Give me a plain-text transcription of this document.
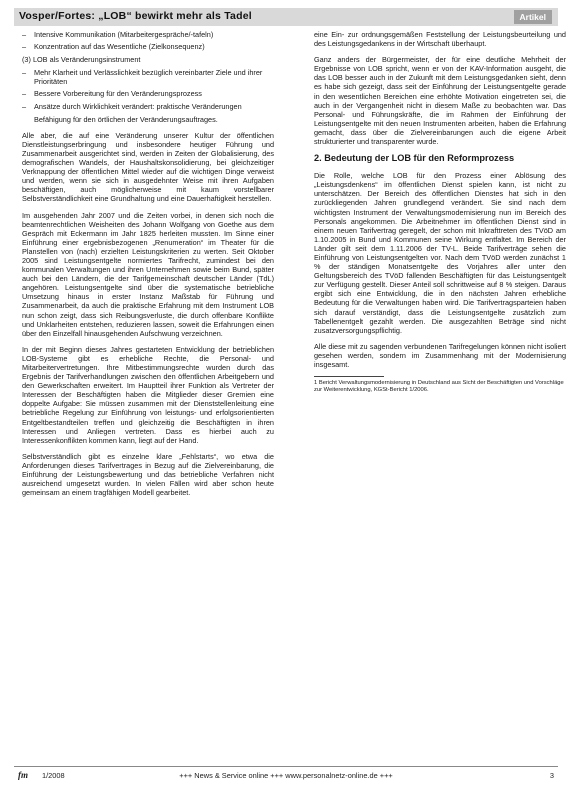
Vosper/Fortes: „LOB“ bewirkt mehr als Tadel	Artikel
– Intensive Kommunikation (Mitarbeitergespräche/-tafeln)
– Konzentration auf das Wesentliche (Zielkonsequenz)
(3) LOB als Veränderungsinstrument
– Mehr Klarheit und Verlässlichkeit bezüglich vereinbarter Ziele und ihrer Prioritäten
– Bessere Vorbereitung für den Veränderungsprozess
– Ansätze durch Wirklichkeit verändert: praktische Veränderungen

Befähigung für den örtlichen der Veränderungsauftrages.

Alle aber, die auf eine Veränderung unserer Kultur der öffentlichen Dienstleistungserbringung und insbesondere heutiger Führung und Zusammenarbeit ausgerichtet sind, werden in Zeiten der Globalisierung, des demografischen Wandels, der Haushaltskonsolidierung, bei gleichzeitiger Verknappung der öffentlichen Mittel wieder auf die wichtigen Dinge verweist und werden, wenn sie sich in ausgedehnter Weise mit ihren Aufgaben beschäftigen, auch möglicherweise mit kaum vorstellbarer Selbstverständlichkeit eine Grundhaltung und eine Dauerhaftigkeit herstellen.

Im ausgehenden Jahr 2007 und die Zeiten vorbei, in denen sich noch die beamtenrechtlichen Weisheiten des Johann Wolfgang von Goethe aus dem Gespräch mit Eckermann im Jahr 1825 herleiten mussten. Im Sinne einer Einführung einer ergebnisbezogenen „Renumeration“ im Theater für die Planstellen von (nach) erzielten Leistungskriterien zu werten. Seit Oktober 2005 sind Leistungsentgelte normiertes Tarifrecht, zumindest bei den kommunalen Verwaltungen und ihren Unternehmen sowie beim Bund, später auch bei den Ländern, die der Tarifgemeinschaft deutscher Länder (TdL) angehören. Leistungsentgelte sind über die systematische betriebliche Umsetzung hinaus in erster Instanz Maßstab für Führung und Zusammenarbeit, da auch die praktische Erfahrung mit dem Instrument LOB nun schon zeigt, dass sich Reibungsverluste, die durch offenbare Konflikte und Unklarheiten entstehen, reduzieren lassen, soweit die Erfahrungen einen über den Einzelfall hinausgehenden Aufschwung verzeichnen.

In der mit Beginn dieses Jahres gestarteten Entwicklung der betrieblichen LOB-Systeme gibt es erhebliche Rechte, die Personal- und Mitarbeitervertretungen. Ihre Mitbestimmungsrechte wurden durch das Ergebnis der Tarifverhandlungen zwischen den öffentlichen Arbeitgebern und den Gewerkschaften erweitert. Im Hauptteil ihrer Funktion als Vertreter der Interessen der Beschäftigten haben die Mitglieder dieser Gremien eine doppelte Aufgabe: Sie müssen zusammen mit der Dienststellenleitung eine betriebliche Regelung zur Einführung von leistungs- und erfolgsorientierten Entgeltbestandteilen treffen und gleichzeitig die Beschäftigten in ihren Interessen und Anliegen vertreten. Dass es hierbei auch zu Interessenkonflikten kommen kann, liegt auf der Hand.

Selbstverständlich gibt es einzelne klare „Fehlstarts“, wo etwa die Anforderungen dieses Tarifvertrages in Bezug auf die Zielvereinbarung, die Einführung der Leistungsbewertung und das betriebliche Verfahren nicht ausreichend umgesetzt wurden. In vielen Fällen wird aber schon heute gemeinsam an einem tragfähigen Modell gearbeitet.

eine Ein- zur ordnungsgemäßen Feststellung der Leistungsbeurteilung und des Leistungsgedankens in der Wirtschaft überhaupt.

Ganz anders der Bürgermeister, der für eine deutliche Mehrheit der Ergebnisse von LOB spricht, wenn er von der KAV-Information ausgeht, die das LOB besser auch in der Zukunft mit dem Leistungsgedanken sieht, denn es habe sich gezeigt, dass seit der Einführung der Leistungsentgelte gerade in den wesentlichen Bereichen eine erhöhte Motivation eingetreten sei, die auch in der Vergangenheit nicht in diesem Maße zu beobachten war. Das Personal- und Führungskräfte, die im Rahmen der Einführung der Leistungsentgelte mit den neuen Instrumenten arbeiten, haben die Erfahrung gemacht, dass über die Zielvereinbarungen auch die eigene Arbeit strukturierter und transparenter wurde.

2. Bedeutung der LOB für den Reformprozess

Die Rolle, welche LOB für den Prozess einer Ablösung des „Leistungsdenkens“ im öffentlichen Dienst spielen kann, ist nicht zu unterschätzen. Der Bereich des öffentlichen Dienstes hat sich in den zurückliegenden Jahren grundlegend verändert. Sie sind nach dem wichtigsten Instrument der Verwaltungsmodernisierung nun im Bereich des Personals angekommen. Die Arbeitnehmer im öffentlichen Dienst sind in einem neuen Tarifvertrag geregelt, der schon mit Inkrafttreten des TVöD am 1.10.2005 in Bund und Kommunen seine Wirkung entfaltet. Im Bereich der Länder gilt seit dem 1.11.2006 der TV-L. Beide Tarifverträge sehen die Einführung von Leistungsentgelten vor. Nach dem TVöD werden zunächst 1 % der ständigen Monatsentgelte des Vorjahres aller unter den Geltungsbereich des TVöD fallenden Beschäftigten für das Leistungsentgelt zur Verfügung gestellt. Dieser Anteil soll schrittweise auf 8 % steigen. Daraus ergibt sich eine Entwicklung, die in den nächsten Jahren erhebliche Bedeutung für die Verwaltungen haben wird. Die Tarifvertragsparteien haben sich darauf verständigt, dass die Leistungsentgelte zusätzlich zum Tabellenentgelt gezahlt werden. Die ausgezahlten Beträge sind nicht zusatzversorgungspflichtig.

Alle diese mit zu sagenden verbundenen Tarifregelungen können nicht isoliert gesehen werden, sondern im Zusammenhang mit der Modernisierung insgesamt.

1 Bericht Verwaltungsmodernisierung in Deutschland aus Sicht der Beschäftigten und Vorschläge zur Weiterentwicklung, KGSt-Bericht 1/2006.

fm 1/2008	+++ News & Service online +++ www.personalnetz-online.de +++	3
